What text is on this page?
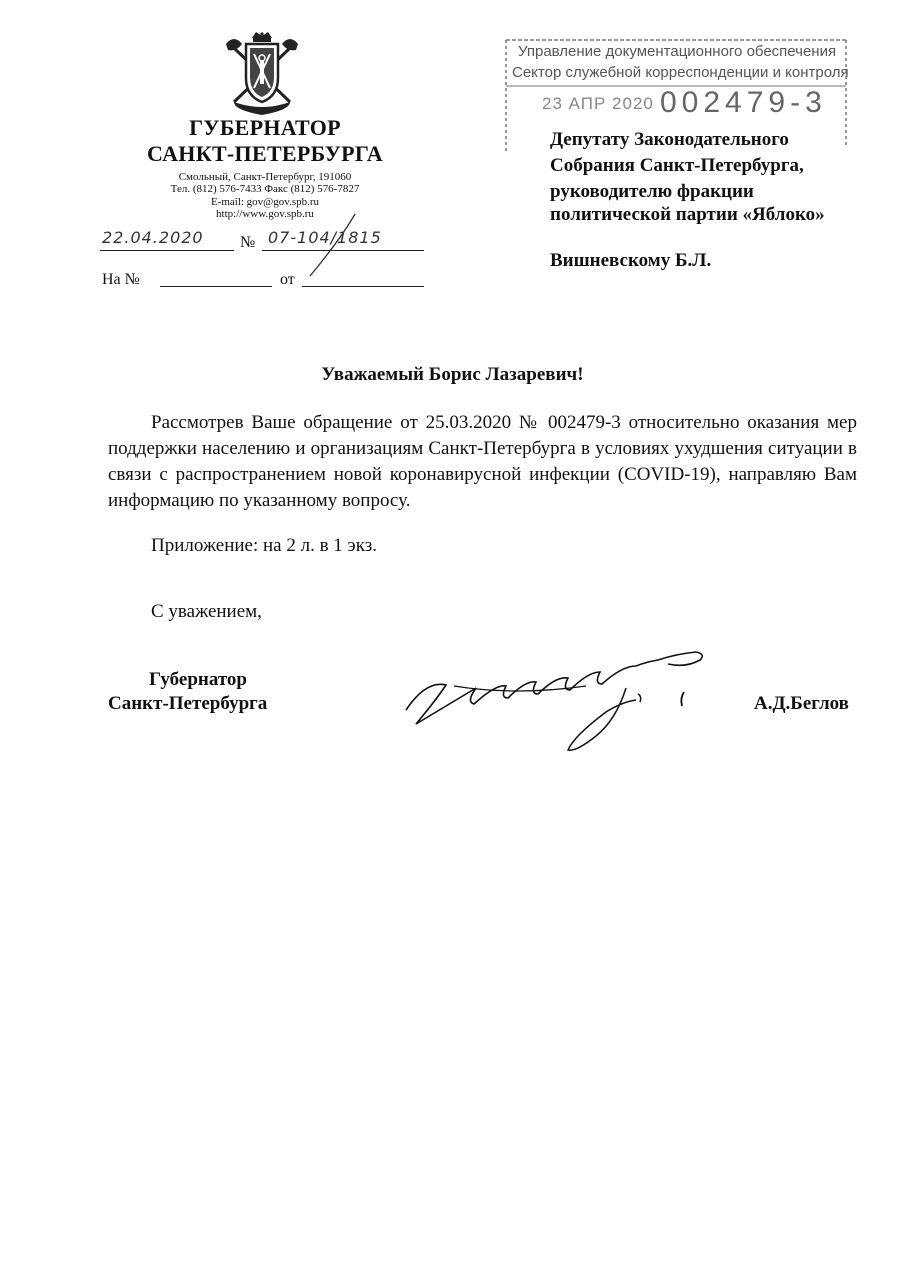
ГУБЕРНАТОР
САНКТ-ПЕТЕРБУРГА
Смольный, Санкт-Петербург, 191060
Тел. (812) 576-7433 Факс (812) 576-7827
E-mail: gov@gov.spb.ru
http://www.gov.spb.ru
22.04.2020 № 07-104/1815
На №	от
Управление документационного обеспечения
Сектор служебной корреспонденции и контроля
23 АПР 2020 002479-3
Депутату Законодательного
Собрания Санкт-Петербурга,
руководителю фракции
политической партии «Яблоко»
Вишневскому Б.Л.
Уважаемый Борис Лазаревич!

Рассмотрев Ваше обращение от 25.03.2020 № 002479-3 относительно оказания мер поддержки населению и организациям Санкт-Петербурга в условиях ухудшения ситуации в связи с распространением новой коронавирусной инфекции (COVID-19), направляю Вам информацию по указанному вопросу.

Приложение: на 2 л. в 1 экз.
С уважением,
Губернатор
Санкт-Петербурга	А.Д.Беглов
